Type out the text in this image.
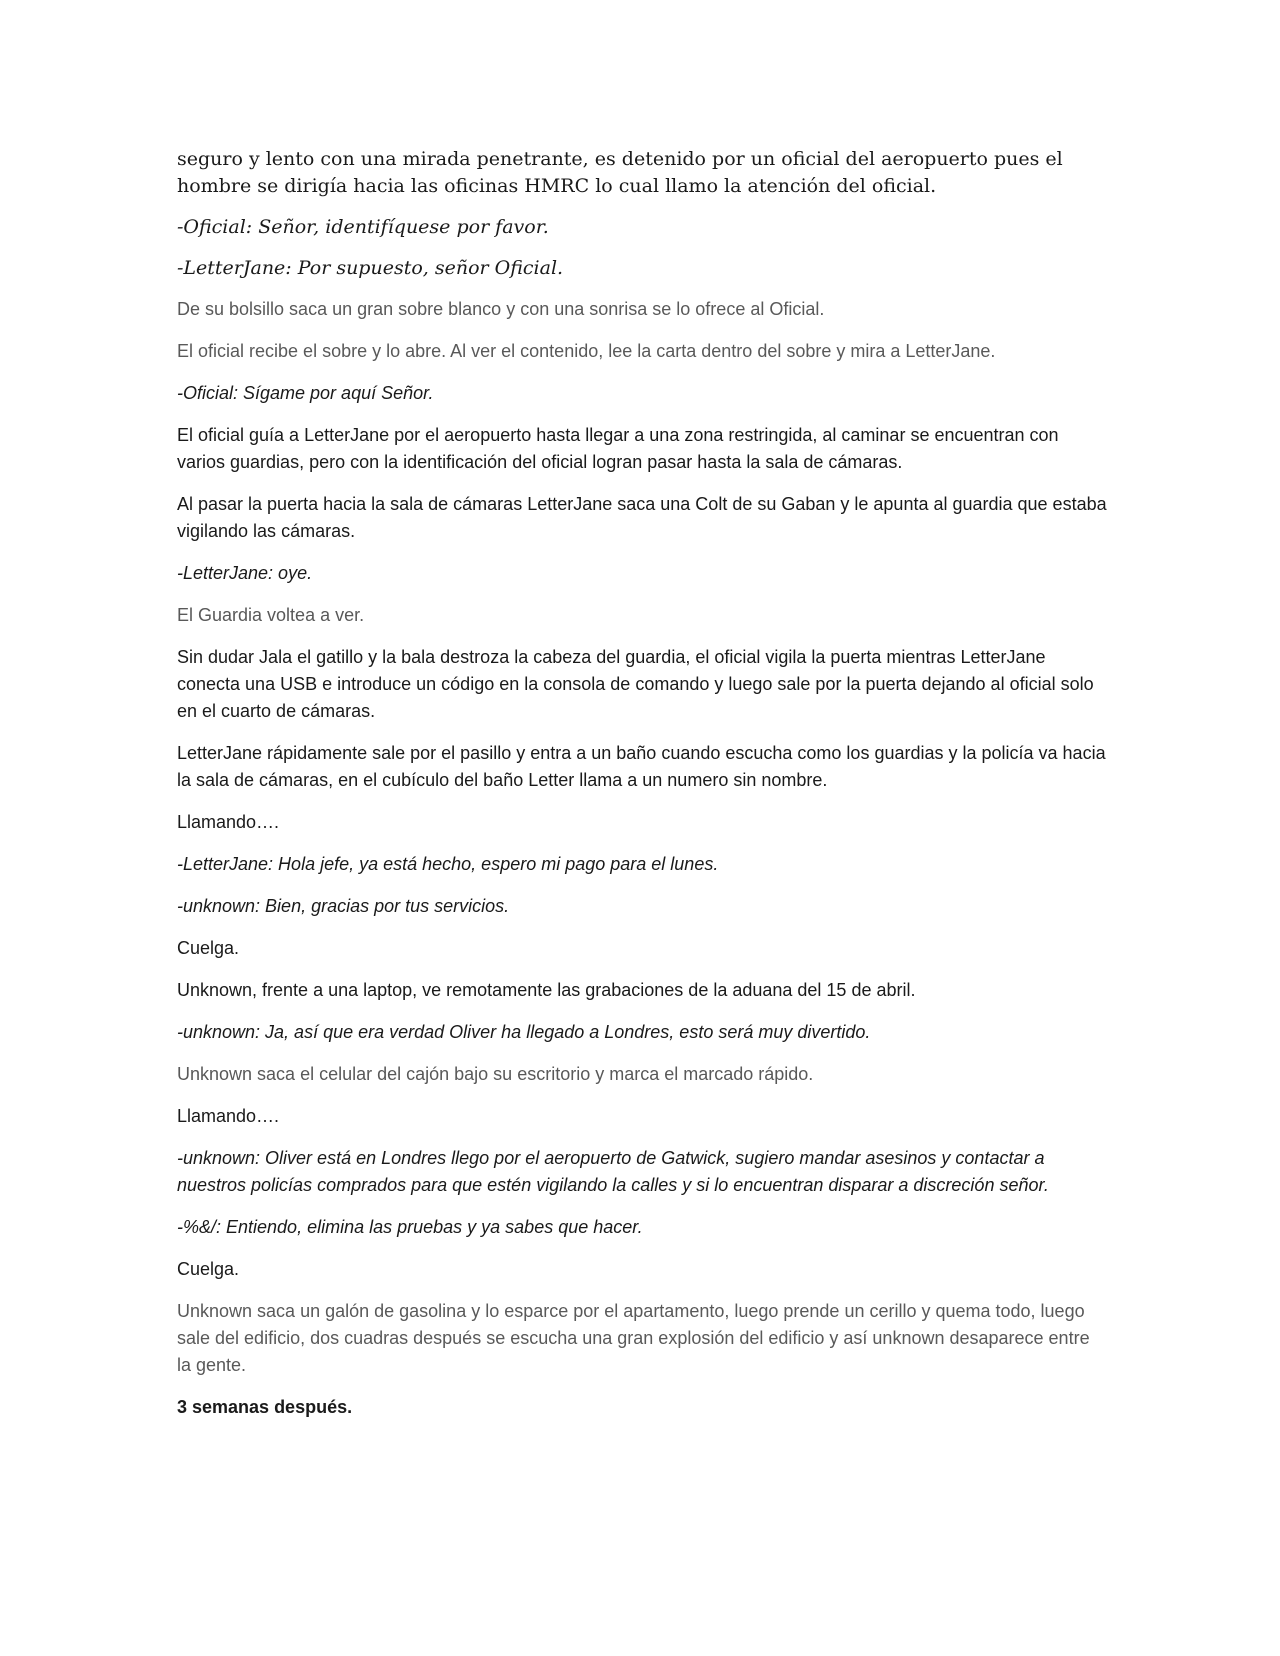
seguro y lento con una mirada penetrante, es detenido por un oficial del aeropuerto pues el hombre se dirigía hacia las oficinas HMRC lo cual llamo la atención del oficial.

-Oficial: Señor, identifíquese por favor.

-LetterJane: Por supuesto, señor Oficial.

De su bolsillo saca un gran sobre blanco y con una sonrisa se lo ofrece al Oficial.

El oficial recibe el sobre y lo abre. Al ver el contenido, lee la carta dentro del sobre y mira a LetterJane.

-Oficial: Sígame por aquí Señor.

El oficial guía a LetterJane por el aeropuerto hasta llegar a una zona restringida, al caminar se encuentran con varios guardias, pero con la identificación del oficial logran pasar hasta la sala de cámaras.

Al pasar la puerta hacia la sala de cámaras LetterJane saca una Colt de su Gaban y le apunta al guardia que estaba vigilando las cámaras.

-LetterJane: oye.

El Guardia voltea a ver.

Sin dudar Jala el gatillo y la bala destroza la cabeza del guardia, el oficial vigila la puerta mientras LetterJane conecta una USB e introduce un código en la consola de comando y luego sale por la puerta dejando al oficial solo en el cuarto de cámaras.

LetterJane rápidamente sale por el pasillo y entra a un baño cuando escucha como los guardias y la policía va hacia la sala de cámaras, en el cubículo del baño Letter llama a un numero sin nombre.

Llamando….

-LetterJane: Hola jefe, ya está hecho, espero mi pago para el lunes.

-unknown: Bien, gracias por tus servicios.

Cuelga.

Unknown, frente a una laptop, ve remotamente las grabaciones de la aduana del 15 de abril.

-unknown: Ja, así que era verdad Oliver ha llegado a Londres, esto será muy divertido.

Unknown saca el celular del cajón bajo su escritorio y marca el marcado rápido.

Llamando….

-unknown: Oliver está en Londres llego por el aeropuerto de Gatwick, sugiero mandar asesinos y contactar a nuestros policías comprados para que estén vigilando la calles y si lo encuentran disparar a discreción señor.

-%&/: Entiendo, elimina las pruebas y ya sabes que hacer.

Cuelga.

Unknown saca un galón de gasolina y lo esparce por el apartamento, luego prende un cerillo y quema todo, luego sale del edificio, dos cuadras después se escucha una gran explosión del edificio y así unknown desaparece entre la gente.

3 semanas después.
